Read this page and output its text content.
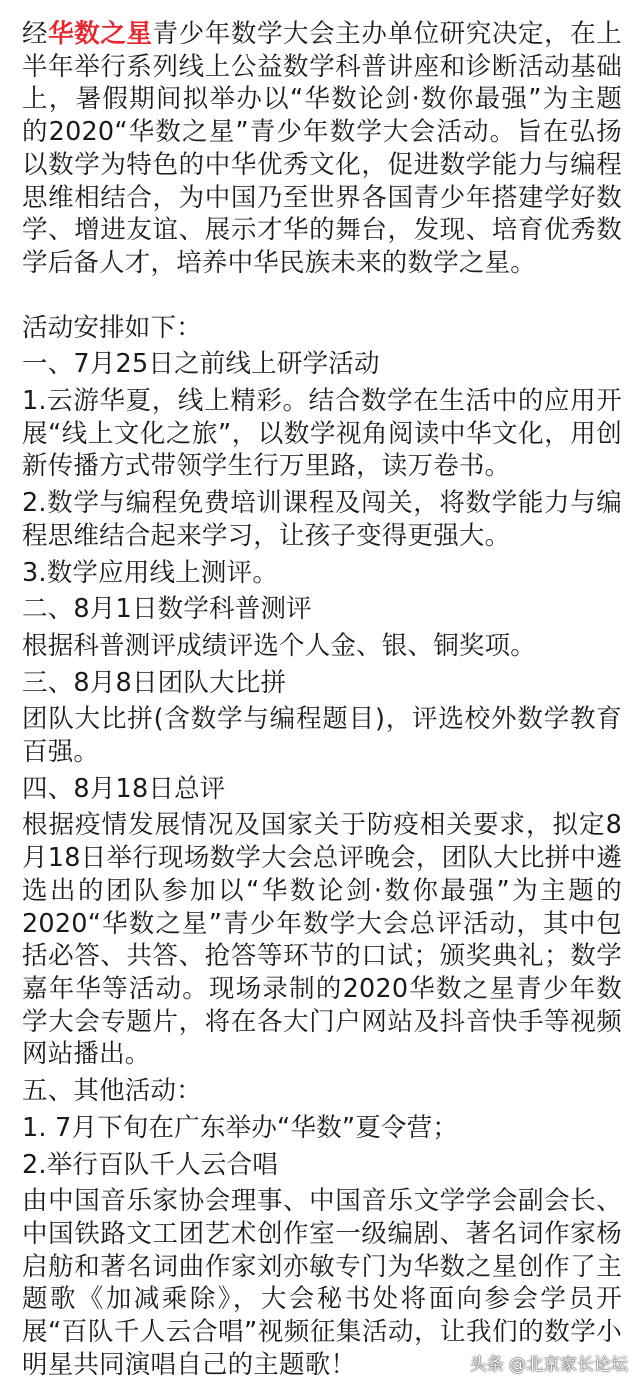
经华数之星青少年数学大会主办单位研究决定，在上半年举行系列线上公益数学科普讲座和诊断活动基础上，暑假期间拟举办以“华数论剑·数你最强”为主题的2020“华数之星”青少年数学大会活动。旨在弘扬以数学为特色的中华优秀文化，促进数学能力与编程思维相结合，为中国乃至世界各国青少年搭建学好数学、增进友谊、展示才华的舞台，发现、培育优秀数学后备人才，培养中华民族未来的数学之星。

活动安排如下：

一、7月25日之前线上研学活动

1.云游华夏，线上精彩。结合数学在生活中的应用开展“线上文化之旅”，以数学视角阅读中华文化，用创新传播方式带领学生行万里路，读万卷书。

2.数学与编程免费培训课程及闯关，将数学能力与编程思维结合起来学习，让孩子变得更强大。

3.数学应用线上测评。

二、8月1日数学科普测评

根据科普测评成绩评选个人金、银、铜奖项。

三、8月8日团队大比拼

团队大比拼(含数学与编程题目)，评选校外数学教育百强。

四、8月18日总评

根据疫情发展情况及国家关于防疫相关要求，拟定8月18日举行现场数学大会总评晚会，团队大比拼中遴选出的团队参加以“华数论剑·数你最强”为主题的2020“华数之星”青少年数学大会总评活动，其中包括必答、共答、抢答等环节的口试；颁奖典礼；数学嘉年华等活动。现场录制的2020华数之星青少年数学大会专题片，将在各大门户网站及抖音快手等视频网站播出。

五、其他活动：

1. 7月下旬在广东举办“华数”夏令营；

2.举行百队千人云合唱

由中国音乐家协会理事、中国音乐文学学会副会长、中国铁路文工团艺术创作室一级编剧、著名词作家杨启舫和著名词曲作家刘亦敏专门为华数之星创作了主题歌《加减乘除》，大会秘书处将面向参会学员开展“百队千人云合唱”视频征集活动，让我们的数学小明星共同演唱自己的主题歌！	头条 @北京家长论坛
